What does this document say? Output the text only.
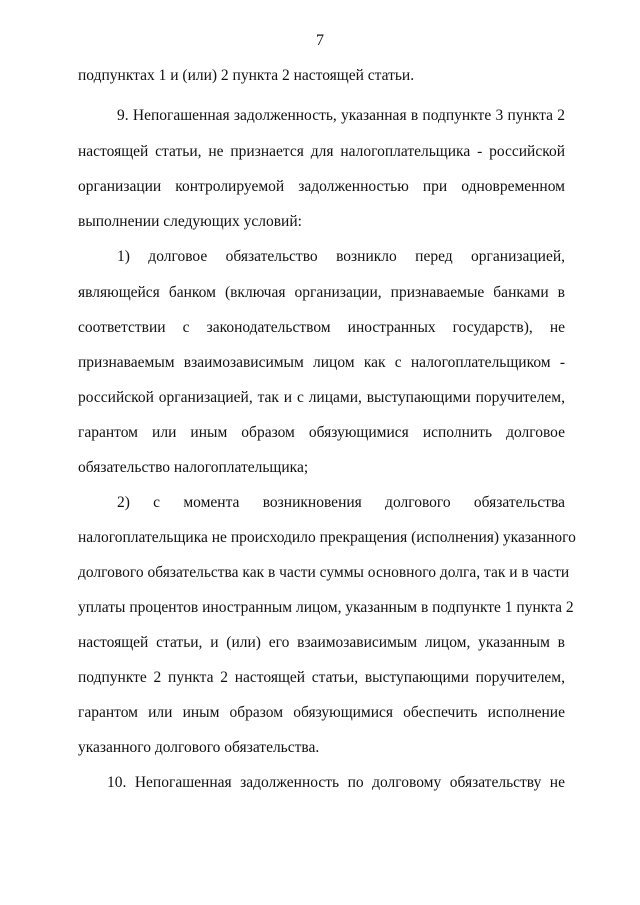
7
подпунктах 1 и (или) 2 пункта 2 настоящей статьи.
9. Непогашенная задолженность, указанная в подпункте 3 пункта 2
настоящей статьи, не признается для налогоплательщика - российской
организации контролируемой задолженностью при одновременном
выполнении следующих условий:
1) долговое обязательство возникло перед организацией,
являющейся банком (включая организации, признаваемые банками в
соответствии с законодательством иностранных государств), не
признаваемым взаимозависимым лицом как с налогоплательщиком -
российской организацией, так и с лицами, выступающими поручителем,
гарантом или иным образом обязующимися исполнить долговое
обязательство налогоплательщика;
2) с момента возникновения долгового обязательства
налогоплательщика не происходило прекращения (исполнения) указанного
долгового обязательства как в части суммы основного долга, так и в части
уплаты процентов иностранным лицом, указанным в подпункте 1 пункта 2
настоящей статьи, и (или) его взаимозависимым лицом, указанным в
подпункте 2 пункта 2 настоящей статьи, выступающими поручителем,
гарантом или иным образом обязующимися обеспечить исполнение
указанного долгового обязательства.
10. Непогашенная задолженность по долговому обязательству не
